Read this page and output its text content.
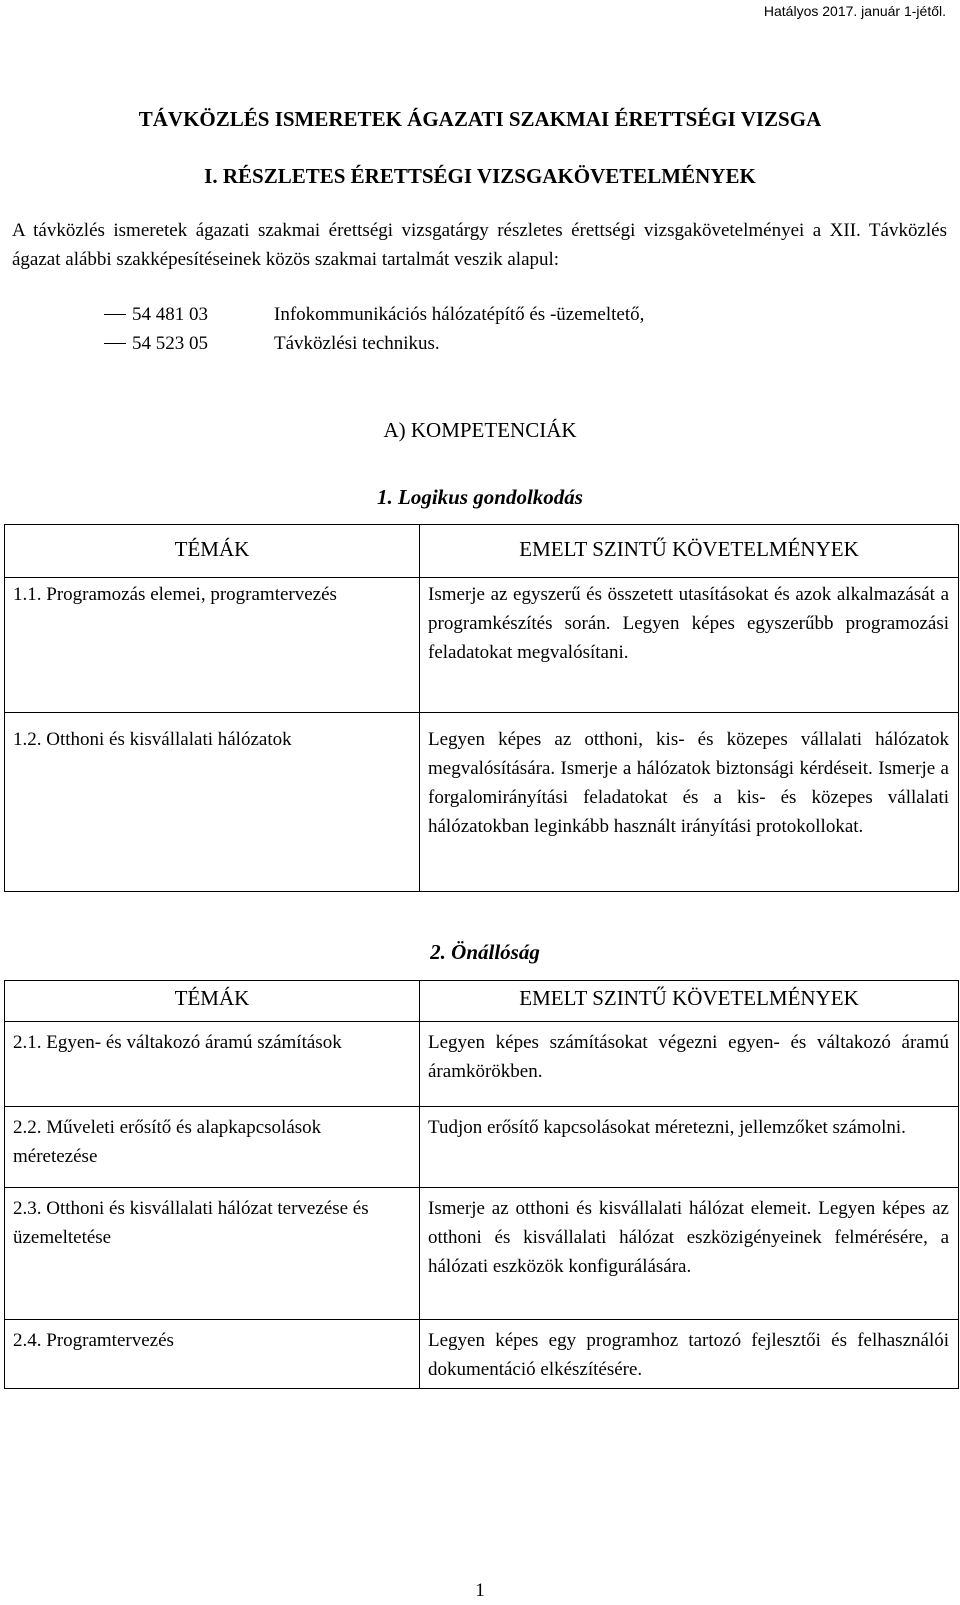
Hatályos 2017. január 1-jétől.
TÁVKÖZLÉS ISMERETEK ÁGAZATI SZAKMAI ÉRETTSÉGI VIZSGA
I. RÉSZLETES ÉRETTSÉGI VIZSGAKÖVETELMÉNYEK

A távközlés ismeretek ágazati szakmai érettségi vizsgatárgy részletes érettségi vizsgakövetelményei a XII. Távközlés ágazat alábbi szakképesítéseinek közös szakmai tartalmát veszik alapul:

54 481 03	Infokommunikációs hálózatépítő és -üzemeltető,
54 523 05	Távközlési technikus.
A) KOMPETENCIÁK
1. Logikus gondolkodás
TÉMÁK	EMELT SZINTŰ KÖVETELMÉNYEK

1.1. Programozás elemei, programtervezés	Ismerje az egyszerű és összetett utasításokat és azok alkalmazását a programkészítés során. Legyen képes egyszerűbb programozási feladatokat megvalósítani.

1.2. Otthoni és kisvállalati hálózatok	Legyen képes az otthoni, kis- és közepes vállalati hálózatok megvalósítására. Ismerje a hálózatok biztonsági kérdéseit. Ismerje a forgalomirányítási feladatokat és a kis- és közepes vállalati hálózatokban leginkább használt irányítási protokollokat.
2. Önállóság
TÉMÁK	EMELT SZINTŰ KÖVETELMÉNYEK

2.1. Egyen- és váltakozó áramú számítások	Legyen képes számításokat végezni egyen- és váltakozó áramú áramkörökben.

2.2. Műveleti erősítő és alapkapcsolások méretezése	Tudjon erősítő kapcsolásokat méretezni, jellemzőket számolni.

2.3. Otthoni és kisvállalati hálózat tervezése és üzemeltetése	Ismerje az otthoni és kisvállalati hálózat elemeit. Legyen képes az otthoni és kisvállalati hálózat eszközigényeinek felmérésére, a hálózati eszközök konfigurálására.

2.4. Programtervezés	Legyen képes egy programhoz tartozó fejlesztői és felhasználói dokumentáció elkészítésére.
1
